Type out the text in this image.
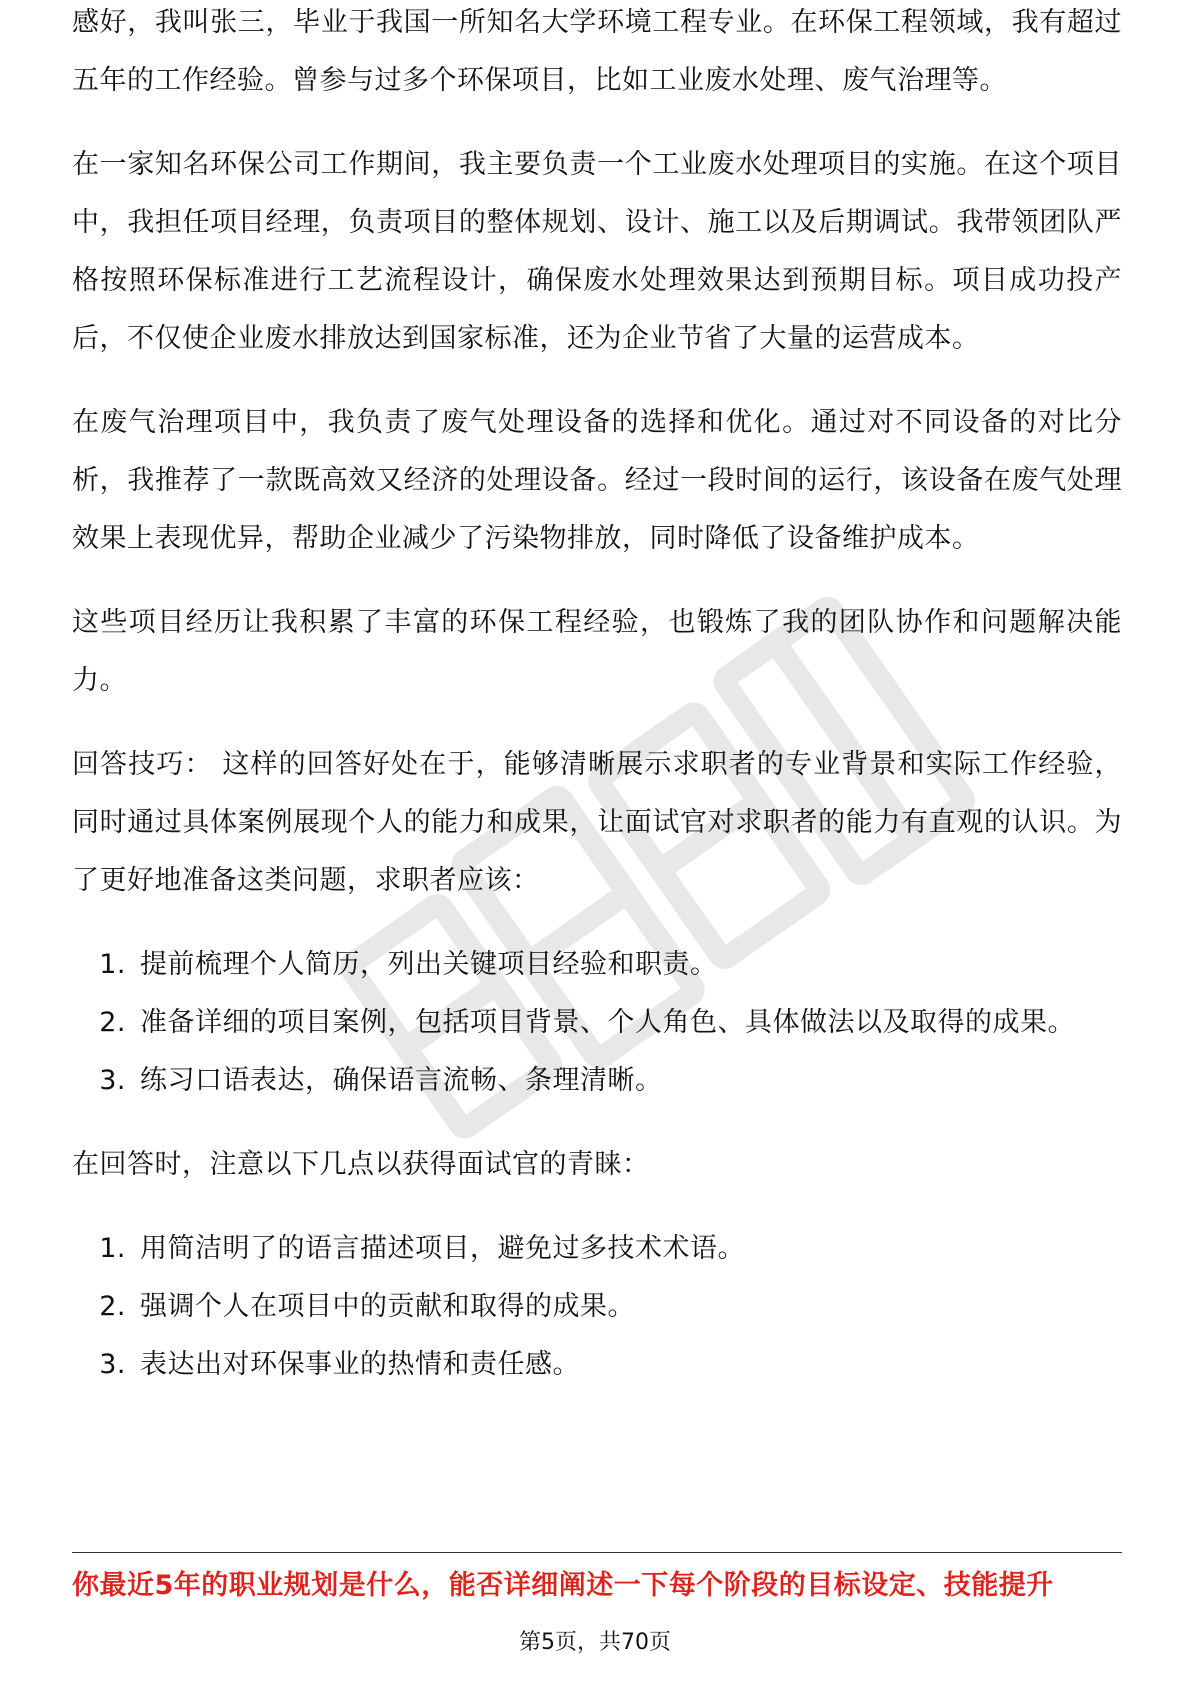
感好，我叫张三，毕业于我国一所知名大学环境工程专业。在环保工程领域，我有超过五年的工作经验。曾参与过多个环保项目，比如工业废水处理、废气治理等。

在一家知名环保公司工作期间，我主要负责一个工业废水处理项目的实施。在这个项目中，我担任项目经理，负责项目的整体规划、设计、施工以及后期调试。我带领团队严格按照环保标准进行工艺流程设计，确保废水处理效果达到预期目标。项目成功投产后，不仅使企业废水排放达到国家标准，还为企业节省了大量的运营成本。

在废气治理项目中，我负责了废气处理设备的选择和优化。通过对不同设备的对比分析，我推荐了一款既高效又经济的处理设备。经过一段时间的运行，该设备在废气处理效果上表现优异，帮助企业减少了污染物排放，同时降低了设备维护成本。

这些项目经历让我积累了丰富的环保工程经验，也锻炼了我的团队协作和问题解决能力。

回答技巧： 这样的回答好处在于，能够清晰展示求职者的专业背景和实际工作经验，同时通过具体案例展现个人的能力和成果，让面试官对求职者的能力有直观的认识。为了更好地准备这类问题，求职者应该：

1. 提前梳理个人简历，列出关键项目经验和职责。
2. 准备详细的项目案例，包括项目背景、个人角色、具体做法以及取得的成果。
3. 练习口语表达，确保语言流畅、条理清晰。

在回答时，注意以下几点以获得面试官的青睐：

1. 用简洁明了的语言描述项目，避免过多技术术语。
2. 强调个人在项目中的贡献和取得的成果。
3. 表达出对环保事业的热情和责任感。
你最近5年的职业规划是什么，能否详细阐述一下每个阶段的目标设定、技能提升
第5页，共70页
